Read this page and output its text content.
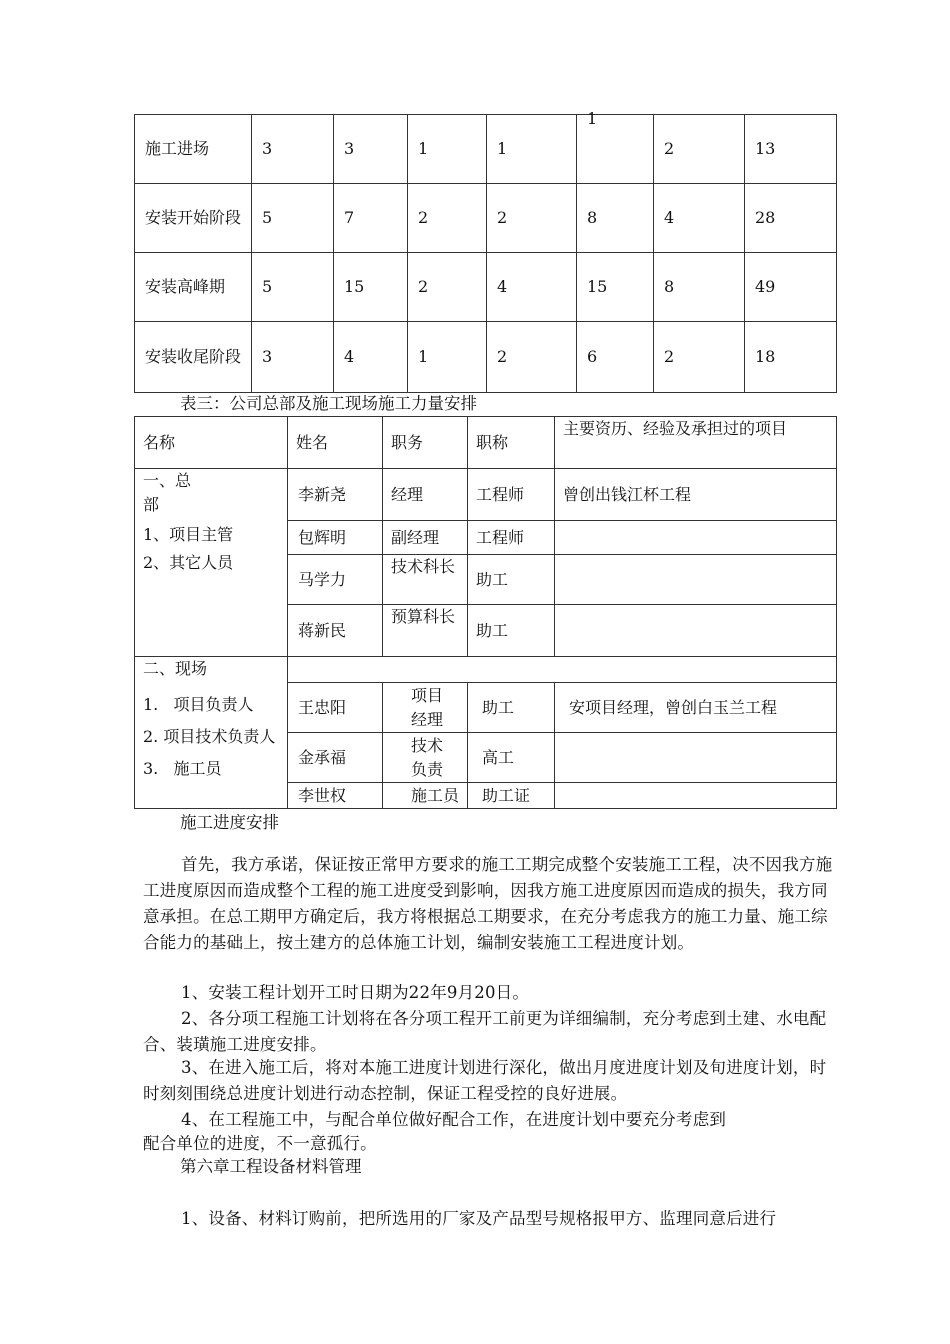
施工进场	3	3	1	1	1	2	13
安装开始阶段	5	7	2	2	8	4	28
安装高峰期	5	15	2	4	15	8	49
安装收尾阶段	3	4	1	2	6	2	18
表三：公司总部及施工现场施工力量安排
名称	姓名	职务	职称	主要资历、经验及承担过的项目

一、总

部

1、项目主管

2、其它人员	李新尧	经理	工程师	曾创出钱江杯工程
	包辉明	副经理	工程师	
	马学力	技术科长	助工	
	蒋新民	预算科长	助工	

二、现场

1.   项目负责人

2. 项目技术负责人

3.   施工员				

	王忠阳	项目经理	助工	安项目经理，曾创白玉兰工程
	金承福	技术负责	高工	
	李世权	施工员	助工证	
施工进度安排

首先，我方承诺，保证按正常甲方要求的施工工期完成整个安装施工工程，决不因我方施工进度原因而造成整个工程的施工进度受到影响，因我方施工进度原因而造成的损失，我方同意承担。在总工期甲方确定后，我方将根据总工期要求，在充分考虑我方的施工力量、施工综合能力的基础上，按土建方的总体施工计划，编制安装施工工程进度计划。

1、安装工程计划开工时日期为22年9月20日。

2、各分项工程施工计划将在各分项工程开工前更为详细编制，充分考虑到土建、水电配合、装璜施工进度安排。

3、在进入施工后，将对本施工进度计划进行深化，做出月度进度计划及旬进度计划，时时刻刻围绕总进度计划进行动态控制，保证工程受控的良好进展。

4、在工程施工中，与配合单位做好配合工作，在进度计划中要充分考虑到

配合单位的进度，不一意孤行。

第六章工程设备材料管理

1、设备、材料订购前，把所选用的厂家及产品型号规格报甲方、监理同意后进行
